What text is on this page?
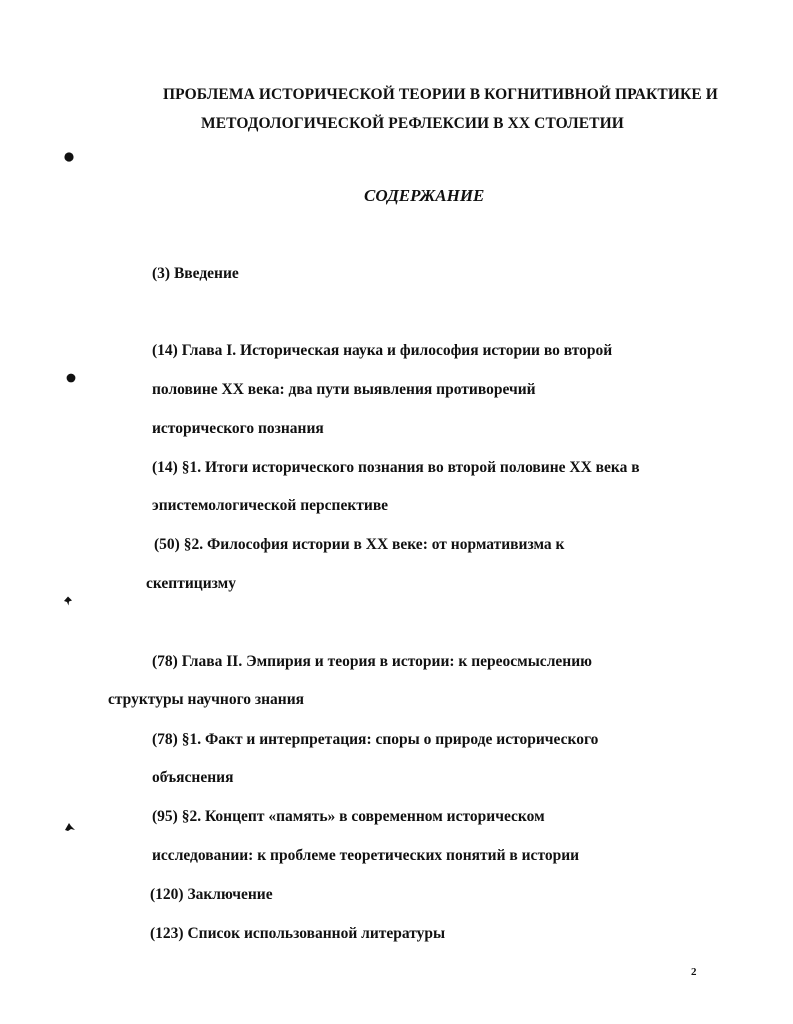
ПРОБЛЕМА ИСТОРИЧЕСКОЙ ТЕОРИИ В КОГНИТИВНОЙ ПРАКТИКЕ И
МЕТОДОЛОГИЧЕСКОЙ РЕФЛЕКСИИ В XX СТОЛЕТИИ
СОДЕРЖАНИЕ
(3) Введение
(14) Глава I. Историческая наука и философия истории во второй
половине XX века: два пути выявления противоречий
исторического познания
(14) §1. Итоги исторического познания во второй половине XX века в
эпистемологической перспективе
(50) §2. Философия истории в XX веке: от нормативизма к
скептицизму
(78) Глава II. Эмпирия и теория в истории: к переосмыслению
структуры научного знания
(78) §1. Факт и интерпретация: споры о природе исторического
объяснения
(95) §2. Концепт «память» в современном историческом
исследовании: к проблеме теоретических понятий в истории
(120) Заключение
(123) Список использованной литературы
2
